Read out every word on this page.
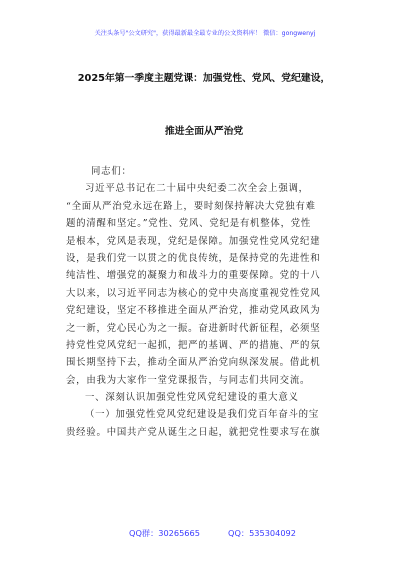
关注头条号"公文研究"，获得最新最全最专业的公文资料库！ 微信：gongwenyj
2025年第一季度主题党课：加强党性、党风、党纪建设，
推进全面从严治党
同志们：
习近平总书记在二十届中央纪委二次全会上强调，
“全面从严治党永远在路上，要时刻保持解决大党独有难
题的清醒和坚定。”党性、党风、党纪是有机整体，党性
是根本，党风是表现，党纪是保障。加强党性党风党纪建
设，是我们党一以贯之的优良传统，是保持党的先进性和
纯洁性、增强党的凝聚力和战斗力的重要保障。党的十八
大以来，以习近平同志为核心的党中央高度重视党性党风
党纪建设，坚定不移推进全面从严治党，推动党风政风为
之一新，党心民心为之一振。奋进新时代新征程，必须坚
持党性党风党纪一起抓，把严的基调、严的措施、严的氛
围长期坚持下去，推动全面从严治党向纵深发展。借此机
会，由我为大家作一堂党课报告，与同志们共同交流。
一、深刻认识加强党性党风党纪建设的重大意义
（一）加强党性党风党纪建设是我们党百年奋斗的宝
贵经验。中国共产党从诞生之日起，就把党性要求写在旗
QQ群：30265665	QQ：535304092
